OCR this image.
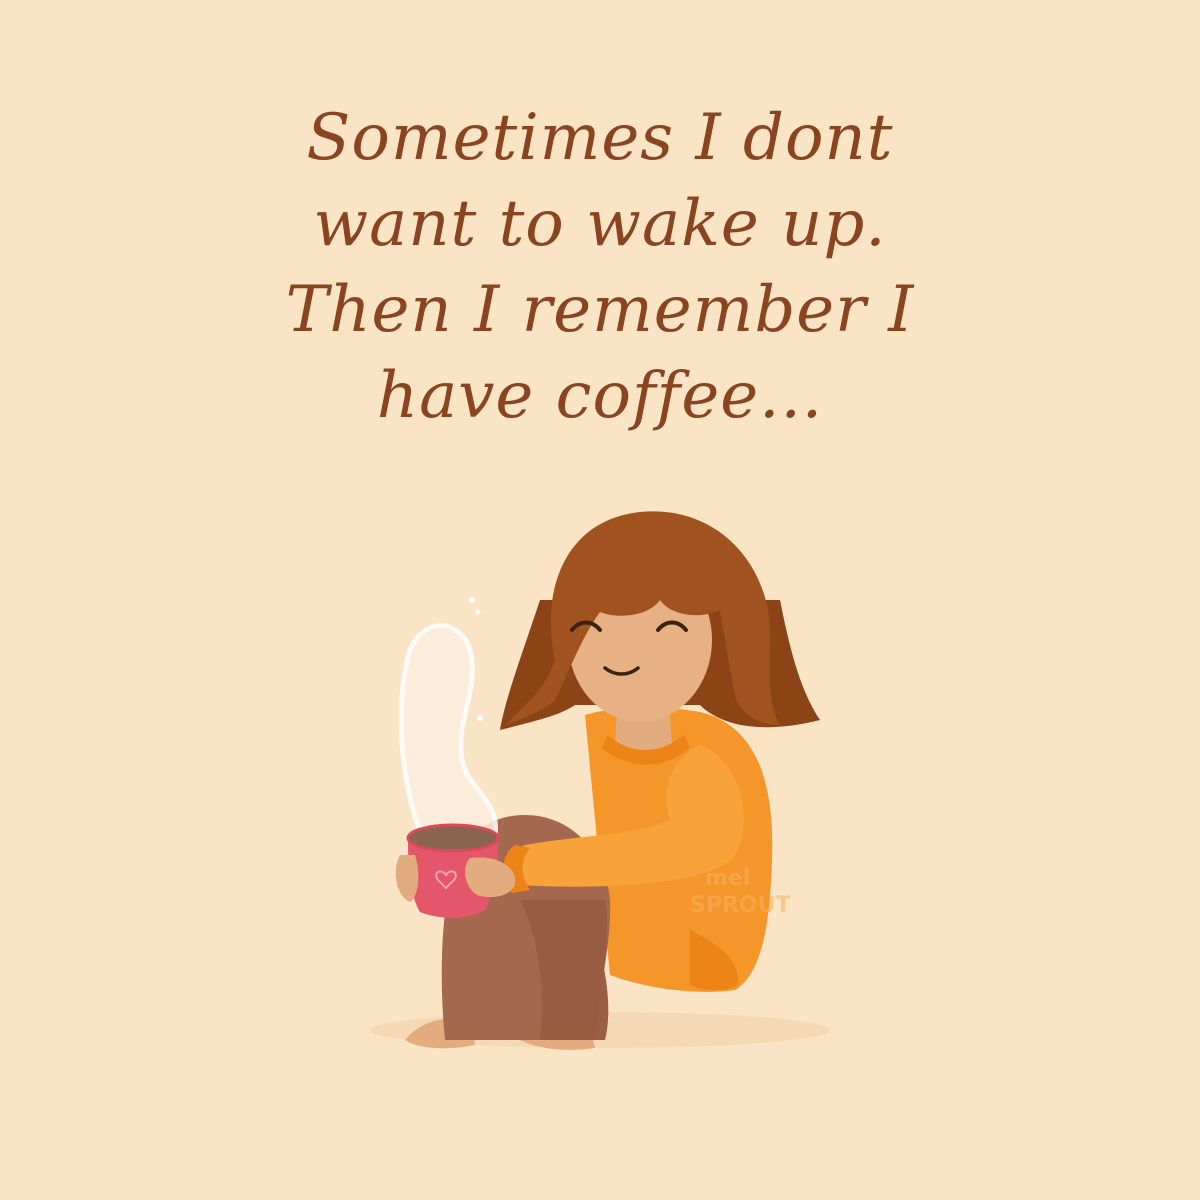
Sometimes I dont
want to wake up.
Then I remember I
have coffee...
mel
SPROUT
